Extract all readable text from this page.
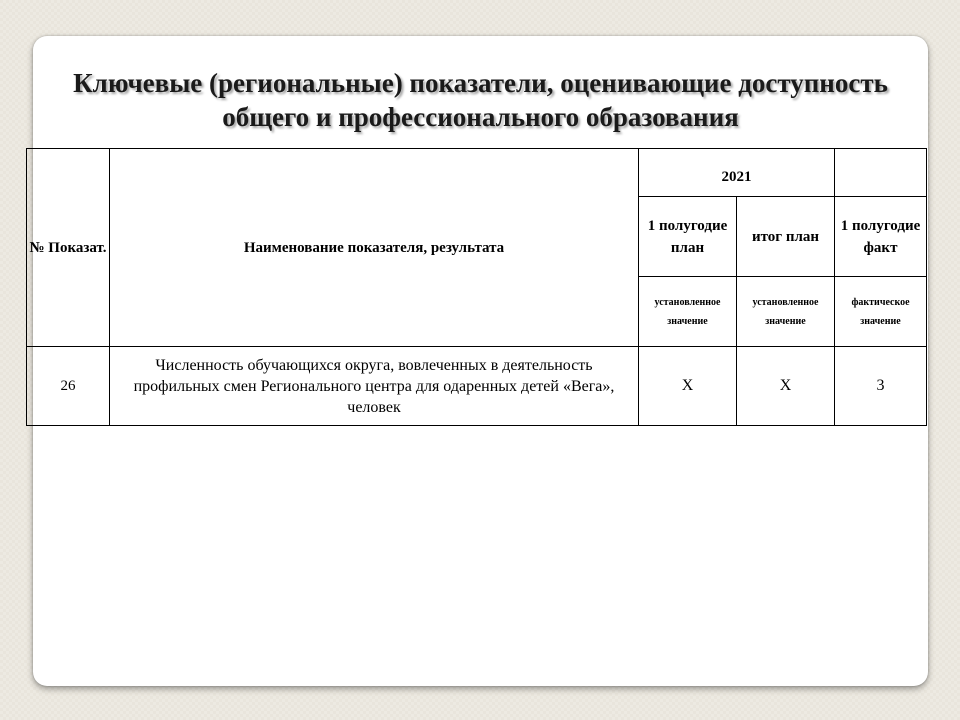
Ключевые (региональные) показатели, оценивающие доступность
общего и профессионального образования
№ Показат.	Наименование показателя, результата	2021		
		1 полугодие план	итог план	1 полугодие факт
		установленное значение	установленное значение	фактическое значение
26	Численность обучающихся округа, вовлеченных в деятельность профильных смен Регионального центра для одаренных детей «Вега», человек	Х	Х	3
